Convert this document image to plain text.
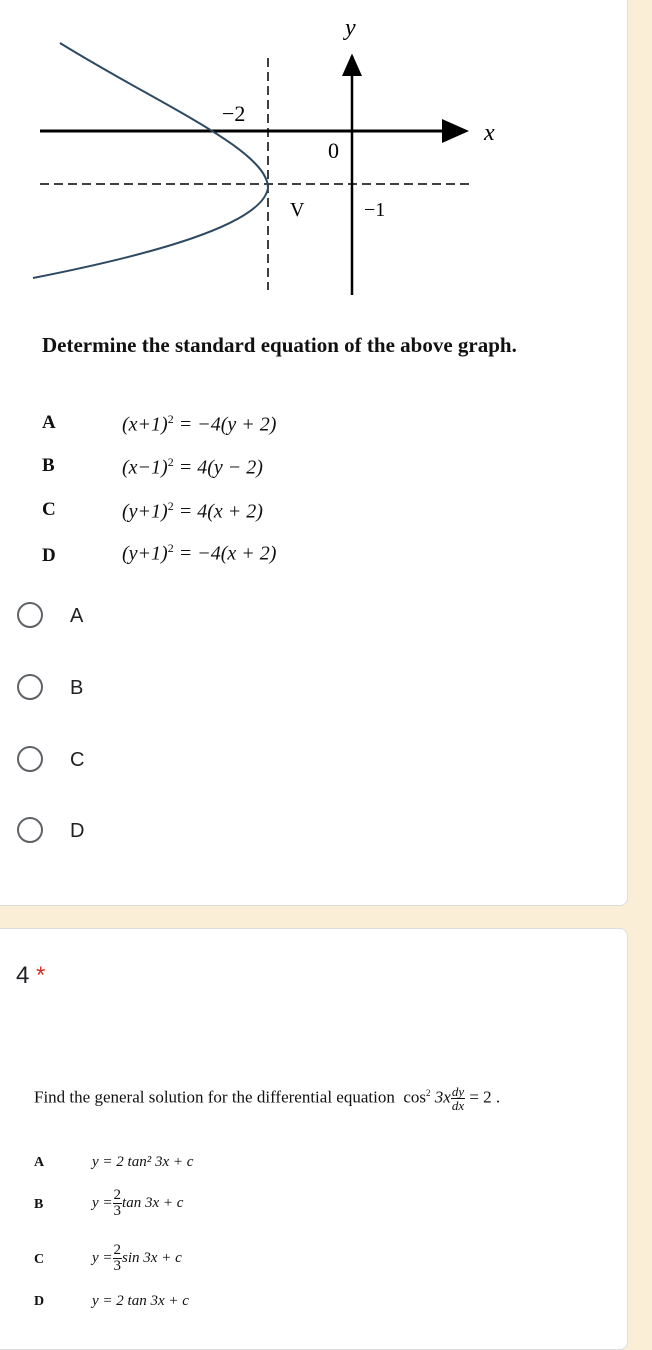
y
x
0
−2
V	−1
Determine the standard equation of the above graph.
A	$(x+1)^2 = -4(y + 2)$
B	$(x-1)^2 = 4(y - 2)$
C	$(y+1)^2 = 4(x + 2)$
D	$(y+1)^2 = -4(x + 2)$
A
B
C
D
4 *
Find the general solution for the differential equation $\cos^2 3x \frac{dy}{dx} = 2$ .
A	y = 2 tan² 3x + c
B	$y = \frac{2}{3}$ tan 3x + c
C	$y = \frac{2}{3}$ sin 3x + c
D	y = 2 tan 3x + c
